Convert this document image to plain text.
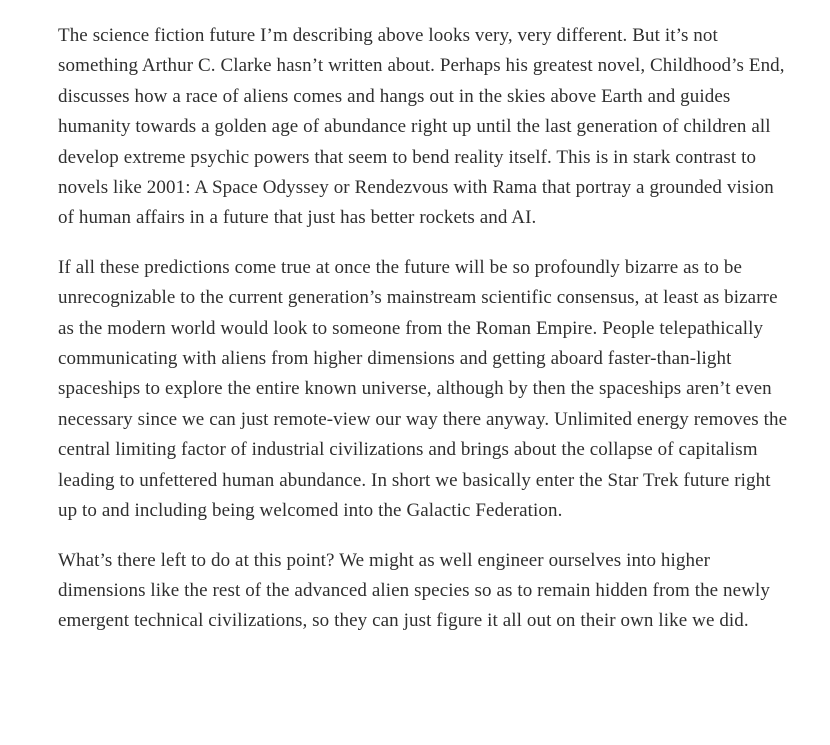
The science fiction future I’m describing above looks very, very different. But it’s not something Arthur C. Clarke hasn’t written about. Perhaps his greatest novel, Childhood’s End, discusses how a race of aliens comes and hangs out in the skies above Earth and guides humanity towards a golden age of abundance right up until the last generation of children all develop extreme psychic powers that seem to bend reality itself. This is in stark contrast to novels like 2001: A Space Odyssey or Rendezvous with Rama that portray a grounded vision of human affairs in a future that just has better rockets and AI.

If all these predictions come true at once the future will be so profoundly bizarre as to be unrecognizable to the current generation’s mainstream scientific consensus, at least as bizarre as the modern world would look to someone from the Roman Empire. People telepathically communicating with aliens from higher dimensions and getting aboard faster-than-light spaceships to explore the entire known universe, although by then the spaceships aren’t even necessary since we can just remote-view our way there anyway. Unlimited energy removes the central limiting factor of industrial civilizations and brings about the collapse of capitalism leading to unfettered human abundance. In short we basically enter the Star Trek future right up to and including being welcomed into the Galactic Federation.

What’s there left to do at this point? We might as well engineer ourselves into higher dimensions like the rest of the advanced alien species so as to remain hidden from the newly emergent technical civilizations, so they can just figure it all out on their own like we did.
